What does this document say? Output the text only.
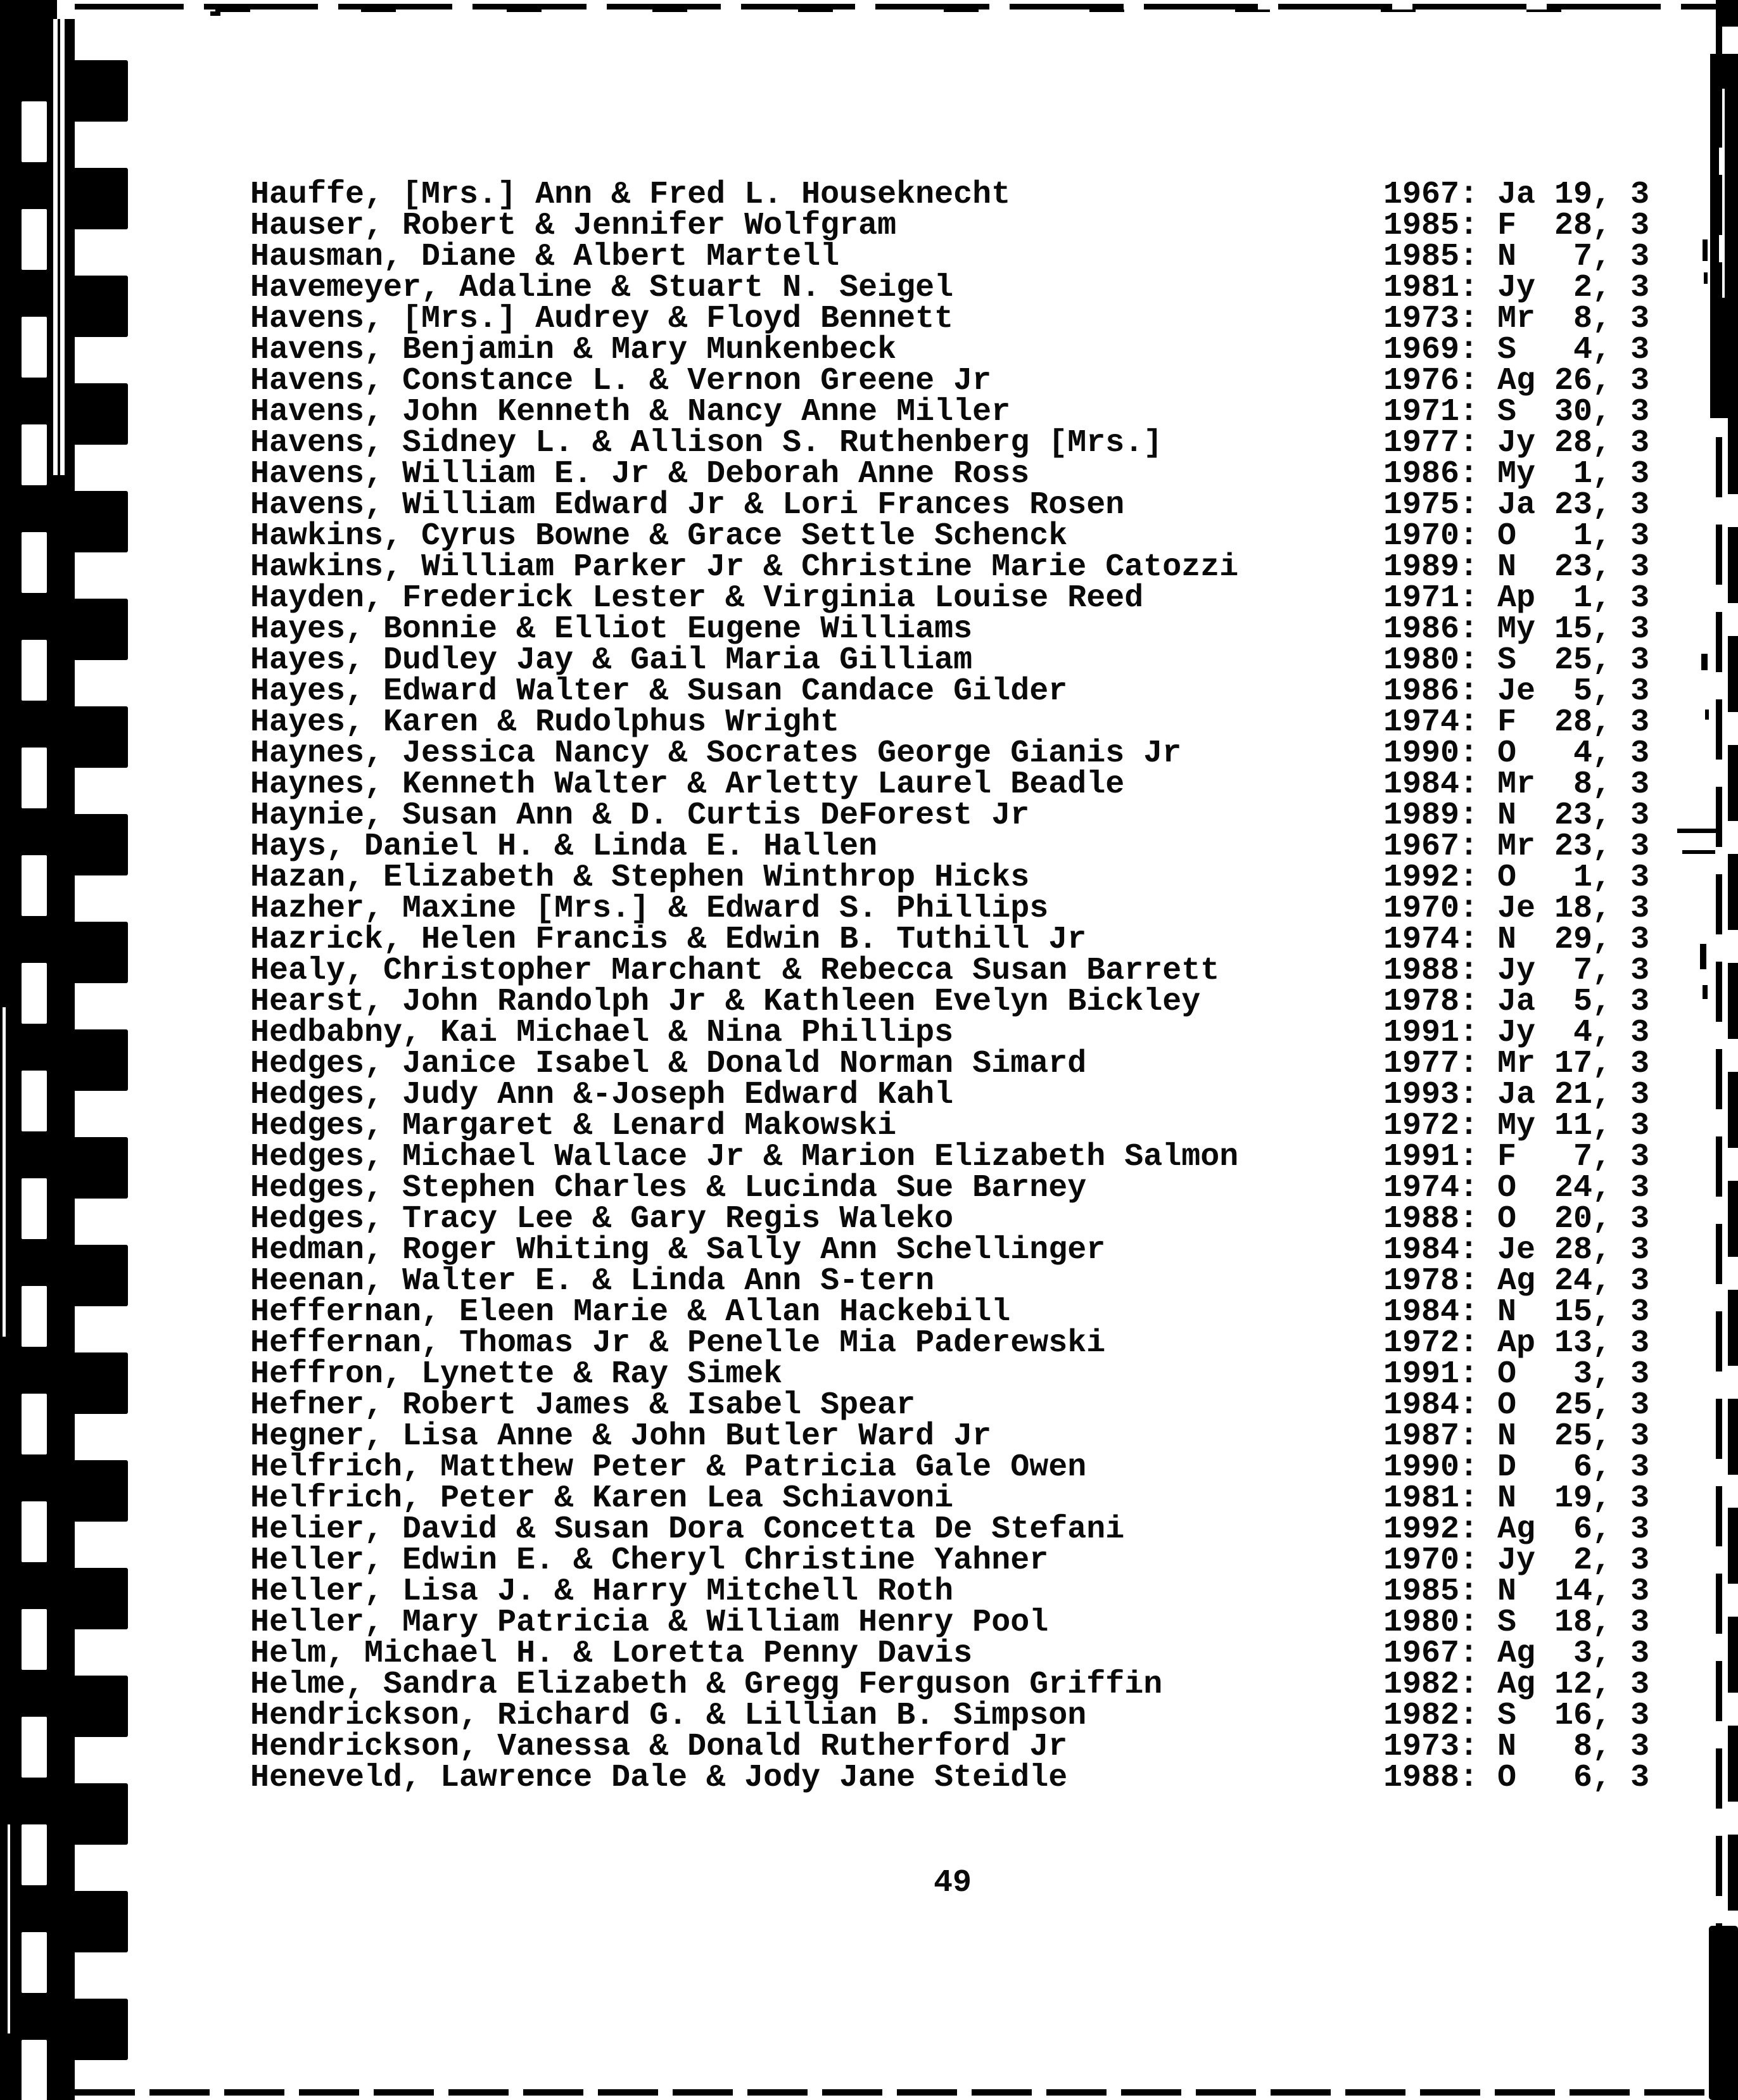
Hauffe, [Mrs.] Ann & Fred L. Houseknecht	1967: Ja 19, 3
Hauser, Robert & Jennifer Wolfgram	1985: F  28, 3
Hausman, Diane & Albert Martell	1985: N   7, 3
Havemeyer, Adaline & Stuart N. Seigel	1981: Jy  2, 3
Havens, [Mrs.] Audrey & Floyd Bennett	1973: Mr  8, 3
Havens, Benjamin & Mary Munkenbeck	1969: S   4, 3
Havens, Constance L. & Vernon Greene Jr	1976: Ag 26, 3
Havens, John Kenneth & Nancy Anne Miller	1971: S  30, 3
Havens, Sidney L. & Allison S. Ruthenberg [Mrs.]	1977: Jy 28, 3
Havens, William E. Jr & Deborah Anne Ross	1986: My  1, 3
Havens, William Edward Jr & Lori Frances Rosen	1975: Ja 23, 3
Hawkins, Cyrus Bowne & Grace Settle Schenck	1970: O   1, 3
Hawkins, William Parker Jr & Christine Marie Catozzi	1989: N  23, 3
Hayden, Frederick Lester & Virginia Louise Reed	1971: Ap  1, 3
Hayes, Bonnie & Elliot Eugene Williams	1986: My 15, 3
Hayes, Dudley Jay & Gail Maria Gilliam	1980: S  25, 3
Hayes, Edward Walter & Susan Candace Gilder	1986: Je  5, 3
Hayes, Karen & Rudolphus Wright	1974: F  28, 3
Haynes, Jessica Nancy & Socrates George Gianis Jr	1990: O   4, 3
Haynes, Kenneth Walter & Arletty Laurel Beadle	1984: Mr  8, 3
Haynie, Susan Ann & D. Curtis DeForest Jr	1989: N  23, 3
Hays, Daniel H. & Linda E. Hallen	1967: Mr 23, 3
Hazan, Elizabeth & Stephen Winthrop Hicks	1992: O   1, 3
Hazher, Maxine [Mrs.] & Edward S. Phillips	1970: Je 18, 3
Hazrick, Helen Francis & Edwin B. Tuthill Jr	1974: N  29, 3
Healy, Christopher Marchant & Rebecca Susan Barrett	1988: Jy  7, 3
Hearst, John Randolph Jr & Kathleen Evelyn Bickley	1978: Ja  5, 3
Hedbabny, Kai Michael & Nina Phillips	1991: Jy  4, 3
Hedges, Janice Isabel & Donald Norman Simard	1977: Mr 17, 3
Hedges, Judy Ann &-Joseph Edward Kahl	1993: Ja 21, 3
Hedges, Margaret & Lenard Makowski	1972: My 11, 3
Hedges, Michael Wallace Jr & Marion Elizabeth Salmon	1991: F   7, 3
Hedges, Stephen Charles & Lucinda Sue Barney	1974: O  24, 3
Hedges, Tracy Lee & Gary Regis Waleko	1988: O  20, 3
Hedman, Roger Whiting & Sally Ann Schellinger	1984: Je 28, 3
Heenan, Walter E. & Linda Ann S-tern	1978: Ag 24, 3
Heffernan, Eleen Marie & Allan Hackebill	1984: N  15, 3
Heffernan, Thomas Jr & Penelle Mia Paderewski	1972: Ap 13, 3
Heffron, Lynette & Ray Simek	1991: O   3, 3
Hefner, Robert James & Isabel Spear	1984: O  25, 3
Hegner, Lisa Anne & John Butler Ward Jr	1987: N  25, 3
Helfrich, Matthew Peter & Patricia Gale Owen	1990: D   6, 3
Helfrich, Peter & Karen Lea Schiavoni	1981: N  19, 3
Helier, David & Susan Dora Concetta De Stefani	1992: Ag  6, 3
Heller, Edwin E. & Cheryl Christine Yahner	1970: Jy  2, 3
Heller, Lisa J. & Harry Mitchell Roth	1985: N  14, 3
Heller, Mary Patricia & William Henry Pool	1980: S  18, 3
Helm, Michael H. & Loretta Penny Davis	1967: Ag  3, 3
Helme, Sandra Elizabeth & Gregg Ferguson Griffin	1982: Ag 12, 3
Hendrickson, Richard G. & Lillian B. Simpson	1982: S  16, 3
Hendrickson, Vanessa & Donald Rutherford Jr	1973: N   8, 3
Heneveld, Lawrence Dale & Jody Jane Steidle	1988: O   6, 3
49
